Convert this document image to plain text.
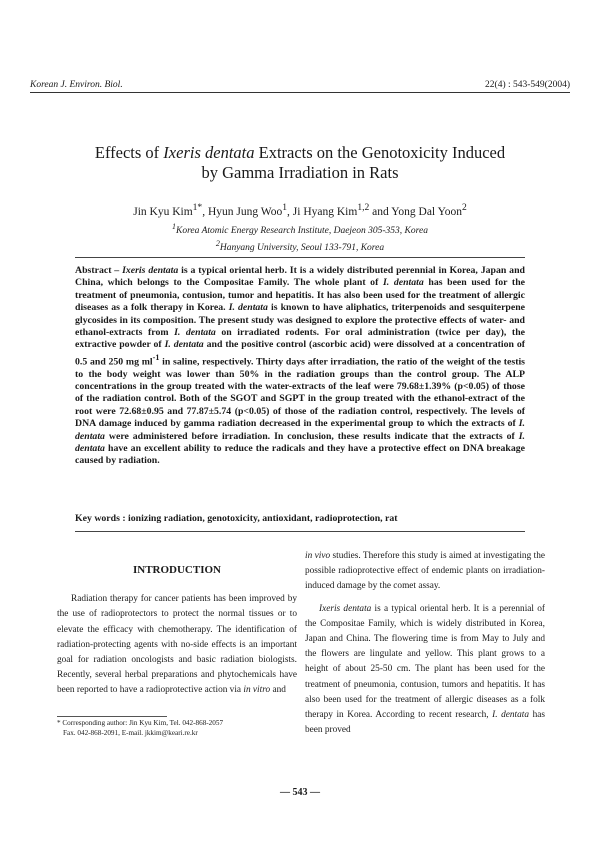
Korean J. Environ. Biol.	22(4) : 543-549(2004)
Effects of Ixeris dentata Extracts on the Genotoxicity Induced
by Gamma Irradiation in Rats
Jin Kyu Kim$^{1*}$, Hyun Jung Woo$^1$, Ji Hyang Kim$^{1,2}$ and Yong Dal Yoon$^2$
$^1$Korea Atomic Energy Research Institute, Daejeon 305-353, Korea
$^2$Hanyang University, Seoul 133-791, Korea
Abstract – Ixeris dentata is a typical oriental herb. It is a widely distributed perennial in Korea, Japan and China, which belongs to the Compositae Family. The whole plant of I. dentata has been used for the treatment of pneumonia, contusion, tumor and hepatitis. It has also been used for the treatment of allergic diseases as a folk therapy in Korea. I. dentata is known to have aliphatics, triterpenoids and sesquiterpene glycosides in its composition. The present study was designed to explore the protective effects of water- and ethanol-extracts from I. dentata on irradiated rodents. For oral administration (twice per day), the extractive powder of I. dentata and the positive control (ascorbic acid) were dissolved at a concentration of 0.5 and 250 mg $ml^{-1}$ in saline, respectively. Thirty days after irradiation, the ratio of the weight of the testis to the body weight was lower than 50% in the radiation groups than the control group. The ALP concentrations in the group treated with the water-extracts of the leaf were 79.68±1.39% (p<0.05) of those of the radiation control. Both of the SGOT and SGPT in the group treated with the ethanol-extract of the root were 72.68±0.95 and 77.87±5.74 (p<0.05) of those of the radiation control, respectively. The levels of DNA damage induced by gamma radiation decreased in the experimental group to which the extracts of I. dentata were administered before irradiation. In conclusion, these results indicate that the extracts of I. dentata have an excellent ability to reduce the radicals and they have a protective effect on DNA breakage caused by radiation.
Key words : ionizing radiation, genotoxicity, antioxidant, radioprotection, rat
INTRODUCTION

Radiation therapy for cancer patients has been improved by the use of radioprotectors to protect the normal tissues or to elevate the efficacy with chemotherapy. The identification of radiation-protecting agents with no-side effects is an important goal for radiation oncologists and basic radiation biologists. Recently, several herbal preparations and phytochemicals have been reported to have a radioprotective action via in vitro and

in vivo studies. Therefore this study is aimed at investigating the possible radioprotective effect of endemic plants on irradiation-induced damage by the comet assay.

Ixeris dentata is a typical oriental herb. It is a perennial of the Compositae Family, which is widely distributed in Korea, Japan and China. The flowering time is from May to July and the flowers are lingulate and yellow. This plant grows to a height of about 25-50 cm. The plant has been used for the treatment of pneumonia, contusion, tumors and hepatitis. It has also been used for the treatment of allergic diseases as a folk therapy in Korea. According to recent research, I. dentata has been proved

* Corresponding author: Jin Kyu Kim, Tel. 042-868-2057
Fax. 042-868-2091, E-mail. jkkim@keari.re.kr
— 543 —
